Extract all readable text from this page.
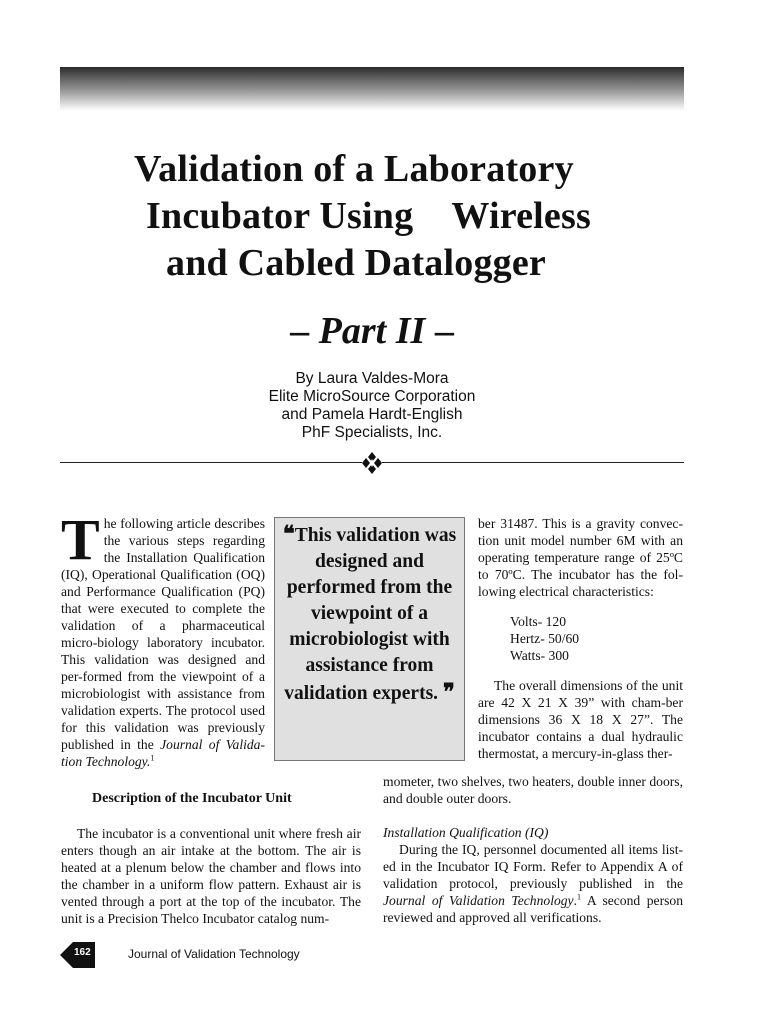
Validation of a Laboratory
Incubator Using    Wireless
and Cabled Datalogger
– Part II –
By Laura Valdes-Mora
Elite MicroSource Corporation
and Pamela Hardt-English
PhF Specialists, Inc.

The following article describes the various steps regarding the Installation Qualification (IQ), Operational Qualification (OQ) and Performance Qualification (PQ) that were executed to complete the validation of a pharmaceutical micro-biology laboratory incubator. This validation was designed and per-formed from the viewpoint of a microbiologist with assistance from validation experts. The protocol used for this validation was previously published in the Journal of Valida-tion Technology.$^1$

❝This validation was designed and performed from the viewpoint of a microbiologist with assistance from validation experts. ❞

ber 31487. This is a gravity convec-tion unit model number 6M with an operating temperature range of 25ºC to 70ºC. The incubator has the fol-lowing electrical characteristics:

Volts- 120
Hertz- 50/60
Watts- 300

The overall dimensions of the unit are 42 X 21 X 39” with cham-ber dimensions 36 X 18 X 27”. The incubator contains a dual hydraulic thermostat, a mercury-in-glass ther-

mometer, two shelves, two heaters, double inner doors, and double outer doors.

Description of the Incubator Unit

The incubator is a conventional unit where fresh air enters though an air intake at the bottom. The air is heated at a plenum below the chamber and flows into the chamber in a uniform flow pattern. Exhaust air is vented through a port at the top of the incubator. The unit is a Precision Thelco Incubator catalog num-

Installation Qualification (IQ)

During the IQ, personnel documented all items list-ed in the Incubator IQ Form. Refer to Appendix A of validation protocol, previously published in the Journal of Validation Technology.$^1$ A second person reviewed and approved all verifications.

162	Journal of Validation Technology
